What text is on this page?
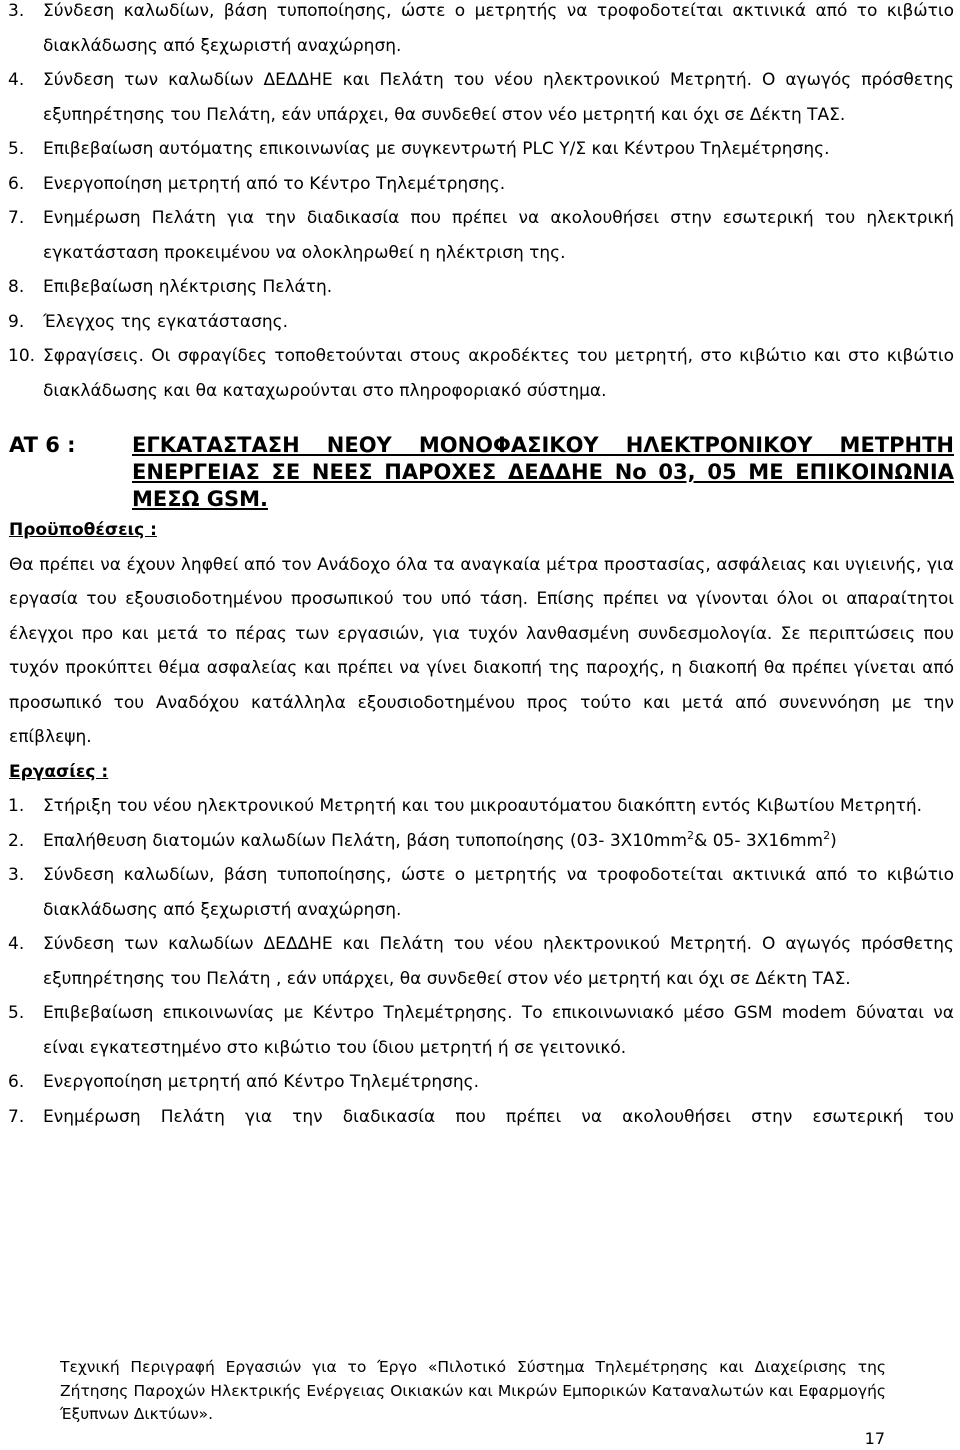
3. Σύνδεση καλωδίων, βάση τυποποίησης, ώστε ο μετρητής να τροφοδοτείται ακτινικά από το κιβώτιο διακλάδωσης από ξεχωριστή αναχώρηση.
4. Σύνδεση των καλωδίων ΔΕΔΔΗΕ και Πελάτη του νέου ηλεκτρονικού Μετρητή. Ο αγωγός πρόσθετης εξυπηρέτησης του Πελάτη, εάν υπάρχει, θα συνδεθεί στον νέο μετρητή και όχι σε Δέκτη ΤΑΣ.
5. Επιβεβαίωση αυτόματης επικοινωνίας με συγκεντρωτή PLC Υ/Σ και Κέντρου Τηλεμέτρησης.
6. Ενεργοποίηση μετρητή από το Κέντρο Τηλεμέτρησης.
7. Ενημέρωση Πελάτη για την διαδικασία που πρέπει να ακολουθήσει στην εσωτερική του ηλεκτρική εγκατάσταση προκειμένου να ολοκληρωθεί η ηλέκτριση της.
8. Επιβεβαίωση ηλέκτρισης Πελάτη.
9. Έλεγχος της εγκατάστασης.
10. Σφραγίσεις. Οι σφραγίδες τοποθετούνται στους ακροδέκτες του μετρητή, στο κιβώτιο και στο κιβώτιο διακλάδωσης και θα καταχωρούνται στο πληροφοριακό σύστημα.
AT 6 :	ΕΓΚΑΤΑΣΤΑΣΗ ΝΕΟΥ ΜΟΝΟΦΑΣΙΚΟΥ ΗΛΕΚΤΡΟΝΙΚΟΥ ΜΕΤΡΗΤΗ ΕΝΕΡΓΕΙΑΣ ΣΕ ΝΕΕΣ ΠΑΡΟΧΕΣ ΔΕΔΔΗΕ No 03, 05 ΜΕ ΕΠΙΚΟΙΝΩΝΙΑ ΜΕΣΩ GSM.
Προϋποθέσεις :
Θα πρέπει να έχουν ληφθεί από τον Ανάδοχο όλα τα αναγκαία μέτρα προστασίας, ασφάλειας και υγιεινής, για εργασία του εξουσιοδοτημένου προσωπικού του υπό τάση. Επίσης πρέπει να γίνονται όλοι οι απαραίτητοι έλεγχοι προ και μετά το πέρας των εργασιών, για τυχόν λανθασμένη συνδεσμολογία. Σε περιπτώσεις που τυχόν προκύπτει θέμα ασφαλείας και πρέπει να γίνει διακοπή της παροχής, η διακοπή θα πρέπει γίνεται από προσωπικό του Αναδόχου κατάλληλα εξουσιοδοτημένου προς τούτο και μετά από συνεννόηση με την επίβλεψη.
Εργασίες :
1. Στήριξη του νέου ηλεκτρονικού Μετρητή και του μικροαυτόματου διακόπτη εντός Κιβωτίου Μετρητή.
2. Επαλήθευση διατομών καλωδίων Πελάτη, βάση τυποποίησης (03- $3X10mm^2\&$ 05- $3X16mm^2$)
3. Σύνδεση καλωδίων, βάση τυποποίησης, ώστε ο μετρητής να τροφοδοτείται ακτινικά από το κιβώτιο διακλάδωσης από ξεχωριστή αναχώρηση.
4. Σύνδεση των καλωδίων ΔΕΔΔΗΕ και Πελάτη του νέου ηλεκτρονικού Μετρητή. Ο αγωγός πρόσθετης εξυπηρέτησης του Πελάτη , εάν υπάρχει, θα συνδεθεί στον νέο μετρητή και όχι σε Δέκτη ΤΑΣ.
5. Επιβεβαίωση επικοινωνίας με Κέντρο Τηλεμέτρησης. Το επικοινωνιακό μέσο GSM modem δύναται να είναι εγκατεστημένο στο κιβώτιο του ίδιου μετρητή ή σε γειτονικό.
6. Ενεργοποίηση μετρητή από Κέντρο Τηλεμέτρησης.
7. Ενημέρωση Πελάτη για την διαδικασία που πρέπει να ακολουθήσει στην εσωτερική του
Τεχνική Περιγραφή Εργασιών για το Έργο «Πιλοτικό Σύστημα Τηλεμέτρησης και Διαχείρισης της Ζήτησης Παροχών Ηλεκτρικής Ενέργειας Οικιακών και Μικρών Εμπορικών Καταναλωτών και Εφαρμογής Έξυπνων Δικτύων».
17
